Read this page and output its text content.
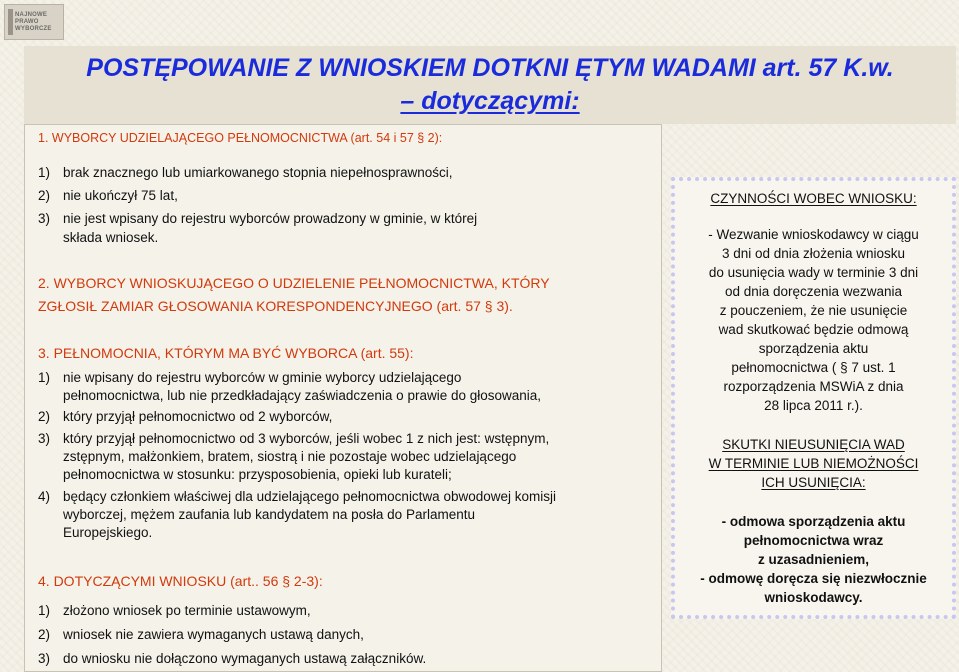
NAJNOWE
PRAWO
WYBORCZE
POSTĘPOWANIE Z WNIOSKIEM DOTKNI ĘTYM WADAMI art. 57 K.w.
– dotyczącymi:
1. WYBORCY UDZIELAJĄCEGO PEŁNOMOCNICTWA (art. 54 i 57 § 2):
1) brak znacznego lub umiarkowanego stopnia niepełnosprawności,
2) nie ukończył 75 lat,
3) nie jest wpisany do rejestru wyborców prowadzony w gminie, w której
składa wniosek.
2. WYBORCY WNIOSKUJĄCEGO O UDZIELENIE PEŁNOMOCNICTWA, KTÓRY
ZGŁOSIŁ ZAMIAR GŁOSOWANIA KORESPONDENCYJNEGO (art. 57 § 3).
3. PEŁNOMOCNIA, KTÓRYM MA BYĆ WYBORCA (art. 55):
1) nie wpisany do rejestru wyborców w gminie wyborcy udzielającego
pełnomocnictwa, lub nie przedkładający zaświadczenia o prawie do głosowania,
2) który przyjął pełnomocnictwo od 2 wyborców,
3) który przyjął pełnomocnictwo od 3 wyborców, jeśli wobec 1 z nich jest: wstępnym,
zstępnym, małżonkiem, bratem, siostrą i nie pozostaje wobec udzielającego
pełnomocnictwa w stosunku: przysposobienia, opieki lub kurateli;
4) będący członkiem właściwej dla udzielającego pełnomocnictwa obwodowej komisji
wyborczej, mężem zaufania lub kandydatem na posła do Parlamentu
Europejskiego.
4. DOTYCZĄCYMI WNIOSKU (art.. 56 § 2-3):
1) złożono wniosek po terminie ustawowym,
2) wniosek nie zawiera wymaganych ustawą danych,
3) do wniosku nie dołączono wymaganych ustawą załączników.
CZYNNOŚCI WOBEC WNIOSKU:
- Wezwanie wnioskodawcy w ciągu
3 dni od dnia złożenia wniosku
do usunięcia wady w terminie 3 dni
od dnia doręczenia wezwania
z pouczeniem, że nie usunięcie
wad skutkować będzie odmową
sporządzenia aktu
pełnomocnictwa ( § 7 ust. 1
rozporządzenia MSWiA z dnia
28 lipca 2011 r.).
SKUTKI NIEUSUNIĘCIA WAD
W TERMINIE LUB NIEMOŻNOŚCI
ICH USUNIĘCIA:
- odmowa sporządzenia aktu
pełnomocnictwa wraz
z uzasadnieniem,
- odmowę doręcza się niezwłocznie
wnioskodawcy.
